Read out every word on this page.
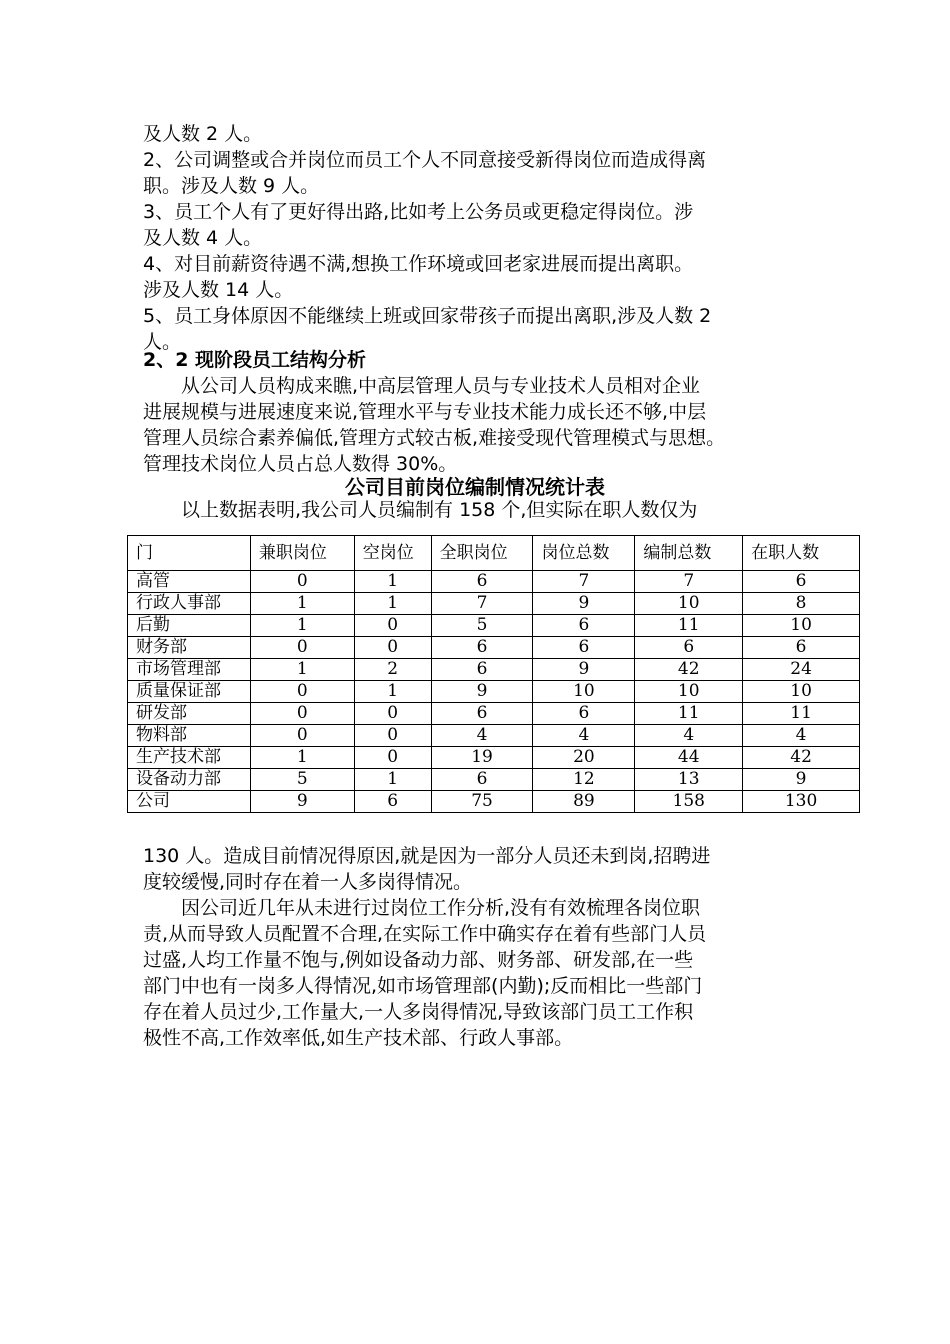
及人数 2 人。
2、公司调整或合并岗位而员工个人不同意接受新得岗位而造成得离
职。涉及人数 9 人。
3、员工个人有了更好得出路,比如考上公务员或更稳定得岗位。涉
及人数 4 人。
4、对目前薪资待遇不满,想换工作环境或回老家进展而提出离职。
涉及人数 14 人。
5、员工身体原因不能继续上班或回家带孩子而提出离职,涉及人数 2
人。
2、2 现阶段员工结构分析
从公司人员构成来瞧,中高层管理人员与专业技术人员相对企业
进展规模与进展速度来说,管理水平与专业技术能力成长还不够,中层
管理人员综合素养偏低,管理方式较古板,难接受现代管理模式与思想。
管理技术岗位人员占总人数得 30%。
公司目前岗位编制情况统计表
以上数据表明,我公司人员编制有 158 个,但实际在职人数仅为
门	兼职岗位	空岗位	全职岗位	岗位总数	编制总数	在职人数
高管	0	1	6	7	7	6
行政人事部	1	1	7	9	10	8
后勤	1	0	5	6	11	10
财务部	0	0	6	6	6	6
市场管理部	1	2	6	9	42	24
质量保证部	0	1	9	10	10	10
研发部	0	0	6	6	11	11
物料部	0	0	4	4	4	4
生产技术部	1	0	19	20	44	42
设备动力部	5	1	6	12	13	9
公司	9	6	75	89	158	130
130 人。造成目前情况得原因,就是因为一部分人员还未到岗,招聘进
度较缓慢,同时存在着一人多岗得情况。
因公司近几年从未进行过岗位工作分析,没有有效梳理各岗位职
责,从而导致人员配置不合理,在实际工作中确实存在着有些部门人员
过盛,人均工作量不饱与,例如设备动力部、财务部、研发部,在一些
部门中也有一岗多人得情况,如市场管理部(内勤);反而相比一些部门
存在着人员过少,工作量大,一人多岗得情况,导致该部门员工工作积
极性不高,工作效率低,如生产技术部、行政人事部。
